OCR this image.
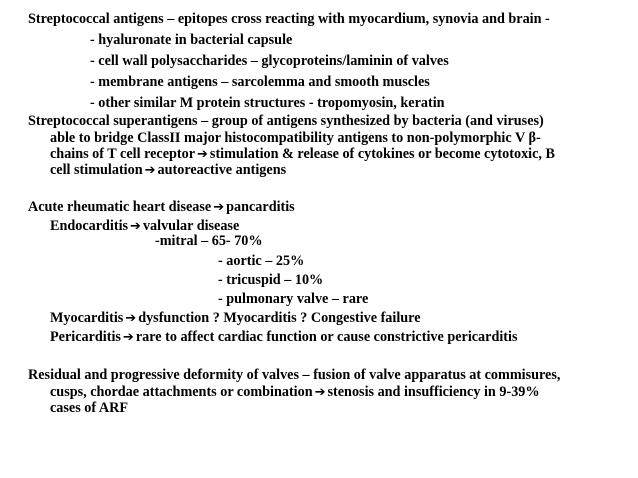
Streptococcal antigens – epitopes cross reacting with myocardium, synovia and brain -
- hyaluronate in bacterial capsule
- cell wall polysaccharides – glycoproteins/laminin of valves
- membrane antigens – sarcolemma and smooth muscles
- other similar M protein structures - tropomyosin, keratin
Streptococcal superantigens – group of antigens synthesized by bacteria (and viruses)
able to bridge ClassII major histocompatibility antigens to non-polymorphic V β-
chains of T cell receptor ➔ stimulation & release of cytokines or become cytotoxic, B
cell stimulation ➔ autoreactive antigens
Acute rheumatic heart disease ➔ pancarditis
Endocarditis ➔ valvular disease
-mitral – 65- 70%
- aortic – 25%
- tricuspid – 10%
- pulmonary valve – rare
Myocarditis ➔ dysfunction ? Myocarditis ? Congestive failure
Pericarditis ➔ rare to affect cardiac function or cause constrictive pericarditis
Residual and progressive deformity of valves – fusion of valve apparatus at commisures,
cusps, chordae attachments or combination ➔ stenosis and insufficiency in 9-39%
cases of ARF
